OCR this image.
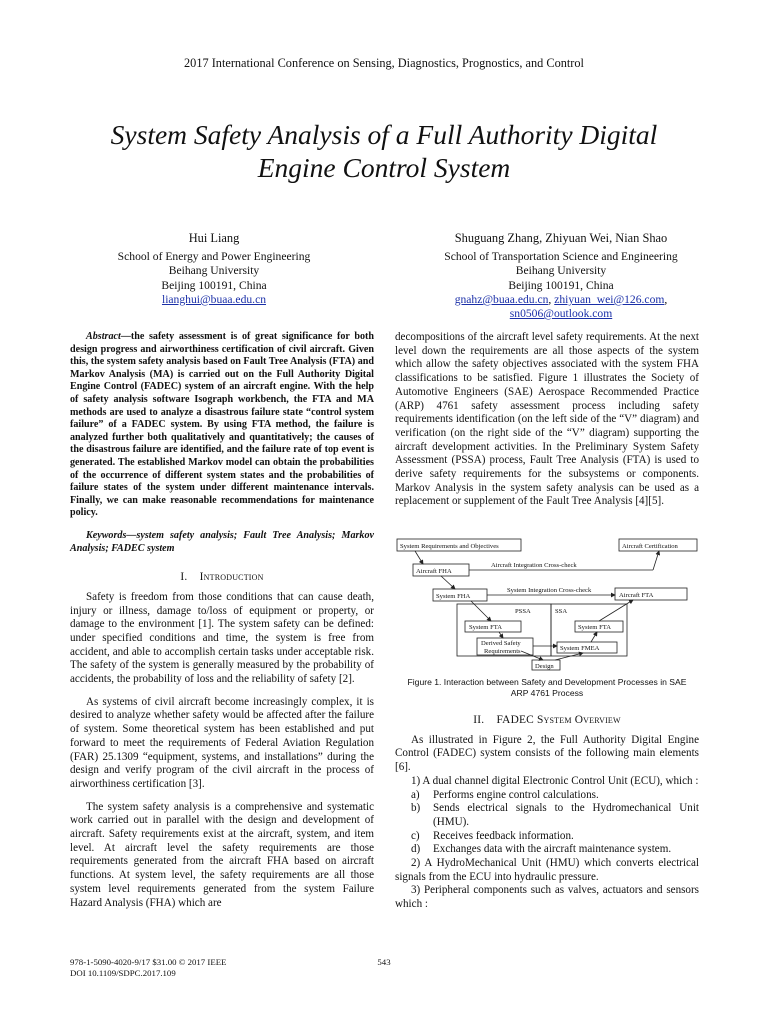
2017 International Conference on Sensing, Diagnostics, Prognostics, and Control
System Safety Analysis of a Full Authority Digital
Engine Control System
Hui Liang
School of Energy and Power Engineering
Beihang University
Beijing 100191, China
lianghui@buaa.edu.cn
Shuguang Zhang, Zhiyuan Wei, Nian Shao
School of Transportation Science and Engineering
Beihang University
Beijing 100191, China
gnahz@buaa.edu.cn, zhiyuan_wei@126.com,
sn0506@outlook.com

Abstract—the safety assessment is of great significance for both design progress and airworthiness certification of civil aircraft. Given this, the system safety analysis based on Fault Tree Analysis (FTA) and Markov Analysis (MA) is carried out on the Full Authority Digital Engine Control (FADEC) system of an aircraft engine. With the help of safety analysis software Isograph workbench, the FTA and MA methods are used to analyze a disastrous failure state “control system failure” of a FADEC system. By using FTA method, the failure is analyzed further both qualitatively and quantitatively; the causes of the disastrous failure are identified, and the failure rate of top event is generated. The established Markov model can obtain the probabilities of the occurrence of different system states and the probabilities of failure states of the system under different maintenance intervals. Finally, we can make reasonable recommendations for maintenance policy.

Keywords—system safety analysis; Fault Tree Analysis; Markov Analysis; FADEC system

I. Introduction

Safety is freedom from those conditions that can cause death, injury or illness, damage to/loss of equipment or property, or damage to the environment [1]. The system safety can be defined: under specified conditions and time, the system is free from accident, and able to accomplish certain tasks under acceptable risk. The safety of the system is generally measured by the probability of accidents, the probability of loss and the reliability of safety [2].

As systems of civil aircraft become increasingly complex, it is desired to analyze whether safety would be affected after the failure of system. Some theoretical system has been established and put forward to meet the requirements of Federal Aviation Regulation (FAR) 25.1309 “equipment, systems, and installations” during the design and verify program of the civil aircraft in the process of airworthiness certification [3].

The system safety analysis is a comprehensive and systematic work carried out in parallel with the design and development of aircraft. Safety requirements exist at the aircraft, system, and item level. At aircraft level the safety requirements are those requirements generated from the aircraft FHA based on aircraft functions. At system level, the safety requirements are all those system level requirements generated from the system Failure Hazard Analysis (FHA) which are

decompositions of the aircraft level safety requirements. At the next level down the requirements are all those aspects of the system which allow the safety objectives associated with the system FHA classifications to be satisfied. Figure 1 illustrates the Society of Automotive Engineers (SAE) Aerospace Recommended Practice (ARP) 4761 safety assessment process including safety requirements identification (on the left side of the “V” diagram) and verification (on the right side of the “V” diagram) supporting the aircraft development activities. In the Preliminary System Safety Assessment (PSSA) process, Fault Tree Analysis (FTA) is used to derive safety requirements for the subsystems or components. Markov Analysis in the system safety analysis can be used as a replacement or supplement of the Fault Tree Analysis [4][5].

System Requirements and Objectives	Aircraft Certification
Aircraft FHA
Aircraft Integration Cross-check
System FHA
System Integration Cross-check
Aircraft FTA
PSSA	SSA
System FTA	System FTA
Derived Safety
Requirements	System FMEA
Design
Figure 1. Interaction between Safety and Development Processes in SAE
ARP 4761 Process
II. FADEC System Overview

As illustrated in Figure 2, the Full Authority Digital Engine Control (FADEC) system consists of the following main elements [6].

1) A dual channel digital Electronic Control Unit (ECU), which :

a)	Performs engine control calculations.
b)	Sends electrical signals to the Hydromechanical Unit (HMU).
c)	Receives feedback information.
d)	Exchanges data with the aircraft maintenance system.

2) A HydroMechanical Unit (HMU) which converts electrical signals from the ECU into hydraulic pressure.

3) Peripheral components such as valves, actuators and sensors which :

978-1-5090-4020-9/17 $31.00 © 2017 IEEE
DOI 10.1109/SDPC.2017.109
543
